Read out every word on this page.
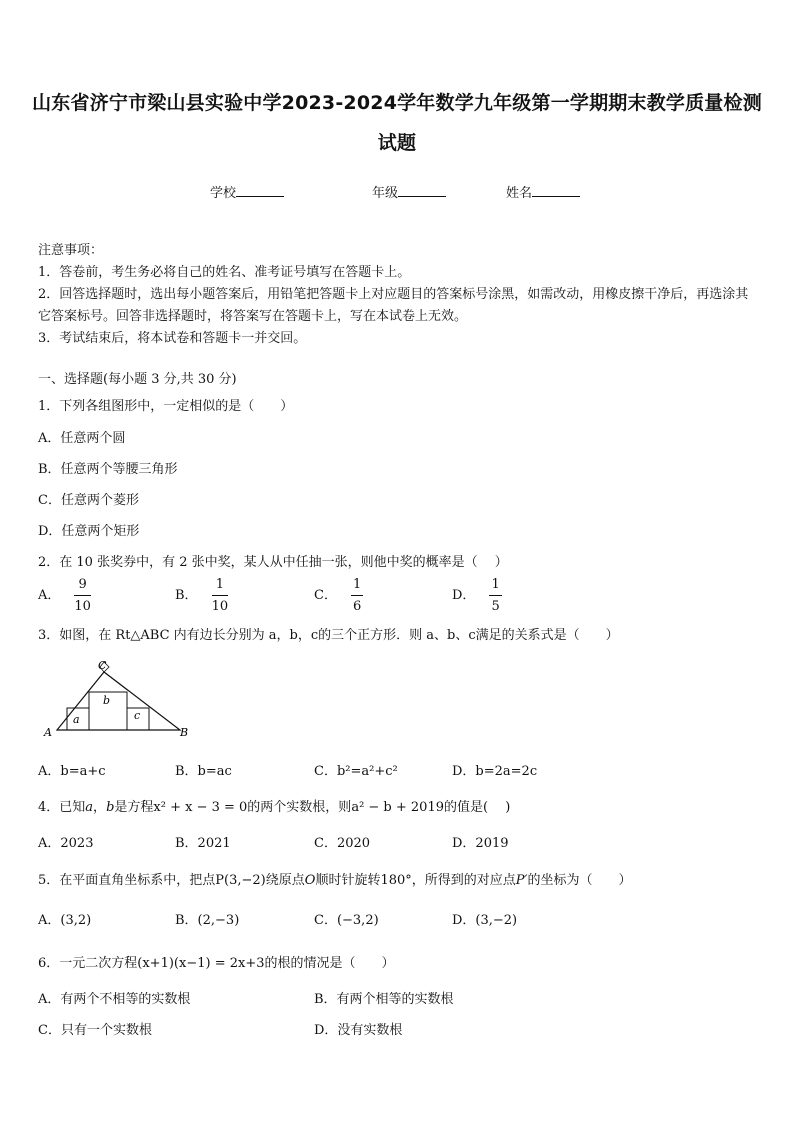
山东省济宁市梁山县实验中学2023-2024学年数学九年级第一学期期末教学质量检测
试题
学校	年级	姓名
注意事项：
1．答卷前，考生务必将自己的姓名、准考证号填写在答题卡上。
2．回答选择题时，选出每小题答案后，用铅笔把答题卡上对应题目的答案标号涂黑，如需改动，用橡皮擦干净后，再选涂其它答案标号。回答非选择题时，将答案写在答题卡上，写在本试卷上无效。
3．考试结束后，将本试卷和答题卡一并交回。
一、选择题(每小题 3 分,共 30 分)
1．下列各组图形中，一定相似的是（　　）
A．任意两个圆
B．任意两个等腰三角形
C．任意两个菱形
D．任意两个矩形
2．在 10 张奖券中，有 2 张中奖，某人从中任抽一张，则他中奖的概率是（　 ）
A． $\frac{9}{10}$	B． $\frac{1}{10}$	C． $\frac{1}{6}$	D． $\frac{1}{5}$
3．如图，在 Rt△ABC 内有边长分别为 a，b，c的三个正方形．则 a、b、c满足的关系式是（　　）
a
b
c
A	B
C
A．b=a+c	B．b=ac	C．b²=a²+c²	D．b=2a=2c
4．已知a，b是方程x² + x − 3 = 0的两个实数根，则a² − b + 2019的值是(　 )
A．2023	B．2021	C．2020	D．2019
5．在平面直角坐标系中，把点P(3,−2)绕原点O顺时针旋转180°，所得到的对应点P′的坐标为（　　）
A．(3,2)	B．(2,−3)	C．(−3,2)	D．(3,−2)
6．一元二次方程(x+1)(x−1) = 2x+3的根的情况是（　　）
A．有两个不相等的实数根	B．有两个相等的实数根
C．只有一个实数根	D．没有实数根
